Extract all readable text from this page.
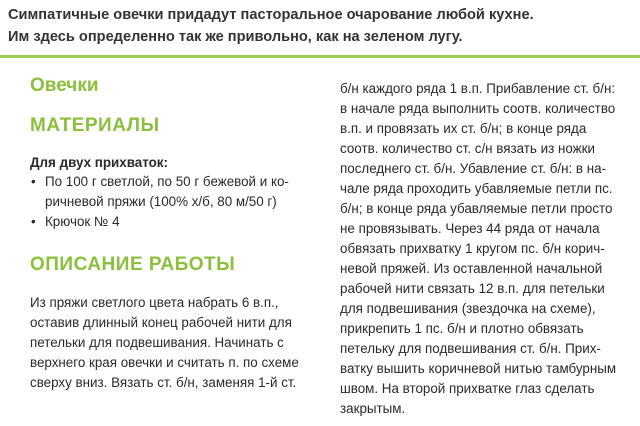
Симпатичные овечки придадут пасторальное очарование любой кухне.
Им здесь определенно так же привольно, как на зеленом лугу.
Овечки
МАТЕРИАЛЫ
Для двух прихваток:
• По 100 г светлой, по 50 г бежевой и ко-
ричневой пряжи (100% х/б, 80 м/50 г)
• Крючок № 4
ОПИСАНИЕ РАБОТЫ

Из пряжи светлого цвета набрать 6 в.п.,

оставив длинный конец рабочей нити для

петельки для подвешивания. Начинать с

верхнего края овечки и считать п. по схеме

сверху вниз. Вязать ст. б/н, заменяя 1-й ст.

б/н каждого ряда 1 в.п. Прибавление ст. б/н:

в начале ряда выполнить соотв. количество

в.п. и провязать их ст. б/н; в конце ряда

соотв. количество ст. с/н вязать из ножки

последнего ст. б/н. Убавление ст. б/н: в на-

чале ряда проходить убавляемые петли пс.

б/н; в конце ряда убавляемые петли просто

не провязывать. Через 44 ряда от начала

обвязать прихватку 1 кругом пс. б/н корич-

невой пряжей. Из оставленной начальной

рабочей нити связать 12 в.п. для петельки

для подвешивания (звездочка на схеме),

прикрепить 1 пс. б/н и плотно обвязать

петельку для подвешивания ст. б/н. Прих-

ватку вышить коричневой нитью тамбурным

швом. На второй прихватке глаз сделать

закрытым.
